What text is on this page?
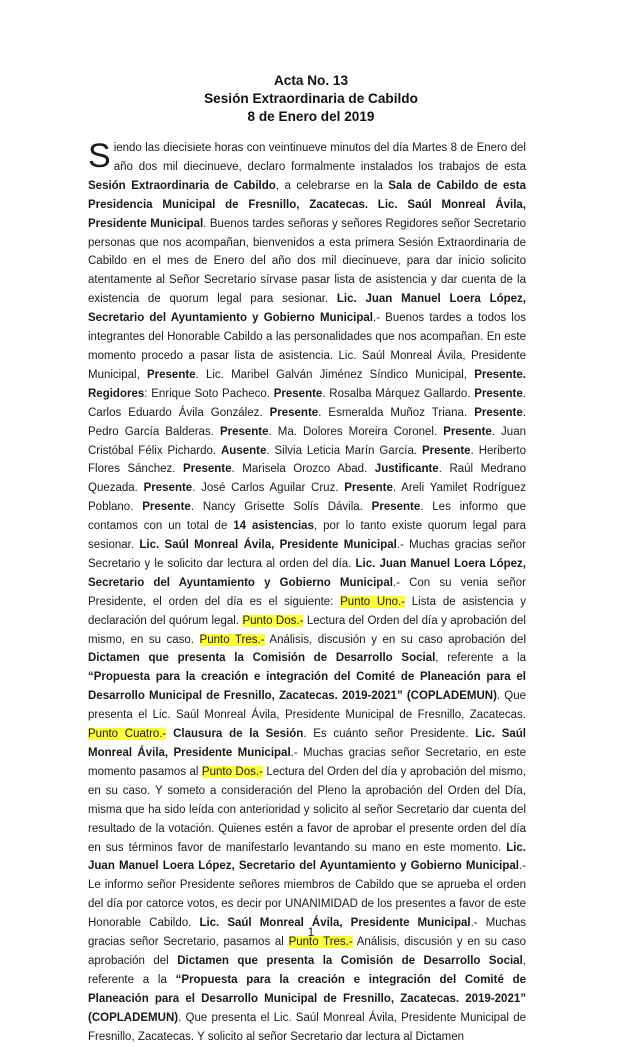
Acta No. 13
Sesión Extraordinaria de Cabildo
8 de Enero del 2019

Siendo las diecisiete horas con veintinueve minutos del día Martes 8 de Enero del año dos mil diecinueve, declaro formalmente instalados los trabajos de esta Sesión Extraordinaria de Cabildo, a celebrarse en la Sala de Cabildo de esta Presidencia Municipal de Fresnillo, Zacatecas. Lic. Saúl Monreal Ávila, Presidente Municipal. Buenos tardes señoras y señores Regidores señor Secretario personas que nos acompañan, bienvenidos a esta primera Sesión Extraordinaria de Cabildo en el mes de Enero del año dos mil diecinueve, para dar inicio solicito atentamente al Señor Secretario sírvase pasar lista de asistencia y dar cuenta de la existencia de quorum legal para sesionar. Lic. Juan Manuel Loera López, Secretario del Ayuntamiento y Gobierno Municipal.- Buenos tardes a todos los integrantes del Honorable Cabildo a las personalidades que nos acompañan. En este momento procedo a pasar lista de asistencia. Lic. Saúl Monreal Ávila, Presidente Municipal, Presente. Lic. Maribel Galván Jiménez Síndico Municipal, Presente. Regidores: Enrique Soto Pacheco. Presente. Rosalba Márquez Gallardo. Presente. Carlos Eduardo Ávila González. Presente. Esmeralda Muñoz Triana. Presente. Pedro García Balderas. Presente. Ma. Dolores Moreira Coronel. Presente. Juan Cristóbal Félix Pichardo. Ausente. Silvia Leticia Marín García. Presente. Heriberto Flores Sánchez. Presente. Marisela Orozco Abad. Justificante. Raúl Medrano Quezada. Presente. José Carlos Aguilar Cruz. Presente. Areli Yamilet Rodríguez Poblano. Presente. Nancy Grisette Solís Dávila. Presente. Les informo que contamos con un total de 14 asistencias, por lo tanto existe quorum legal para sesionar. Lic. Saúl Monreal Ávila, Presidente Municipal.- Muchas gracias señor Secretario y le solicito dar lectura al orden del día. Lic. Juan Manuel Loera López, Secretario del Ayuntamiento y Gobierno Municipal.- Con su venia señor Presidente, el orden del día es el siguiente: Punto Uno.- Lista de asistencia y declaración del quórum legal. Punto Dos.- Lectura del Orden del día y aprobación del mismo, en su caso. Punto Tres.- Análisis, discusión y en su caso aprobación del Dictamen que presenta la Comisión de Desarrollo Social, referente a la “Propuesta para la creación e integración del Comité de Planeación para el Desarrollo Municipal de Fresnillo, Zacatecas. 2019-2021” (COPLADEMUN). Que presenta el Lic. Saúl Monreal Ávila, Presidente Municipal de Fresnillo, Zacatecas. Punto Cuatro.- Clausura de la Sesión. Es cuánto señor Presidente. Lic. Saúl Monreal Ávila, Presidente Municipal.- Muchas gracias señor Secretario, en este momento pasamos al Punto Dos.- Lectura del Orden del día y aprobación del mismo, en su caso. Y someto a consideración del Pleno la aprobación del Orden del Día, misma que ha sido leída con anterioridad y solicito al señor Secretario dar cuenta del resultado de la votación. Quienes estén a favor de aprobar el presente orden del día en sus términos favor de manifestarlo levantando su mano en este momento. Lic. Juan Manuel Loera López, Secretario del Ayuntamiento y Gobierno Municipal.- Le informo señor Presidente señores miembros de Cabildo que se aprueba el orden del día por catorce votos, es decir por UNANIMIDAD de los presentes a favor de este Honorable Cabildo. Lic. Saúl Monreal Ávila, Presidente Municipal.- Muchas gracias señor Secretario, pasamos al Punto Tres.- Análisis, discusión y en su caso aprobación del Dictamen que presenta la Comisión de Desarrollo Social, referente a la “Propuesta para la creación e integración del Comité de Planeación para el Desarrollo Municipal de Fresnillo, Zacatecas. 2019-2021” (COPLADEMUN). Que presenta el Lic. Saúl Monreal Ávila, Presidente Municipal de Fresnillo, Zacatecas. Y solicito al señor Secretario dar lectura al Dictamen

1
